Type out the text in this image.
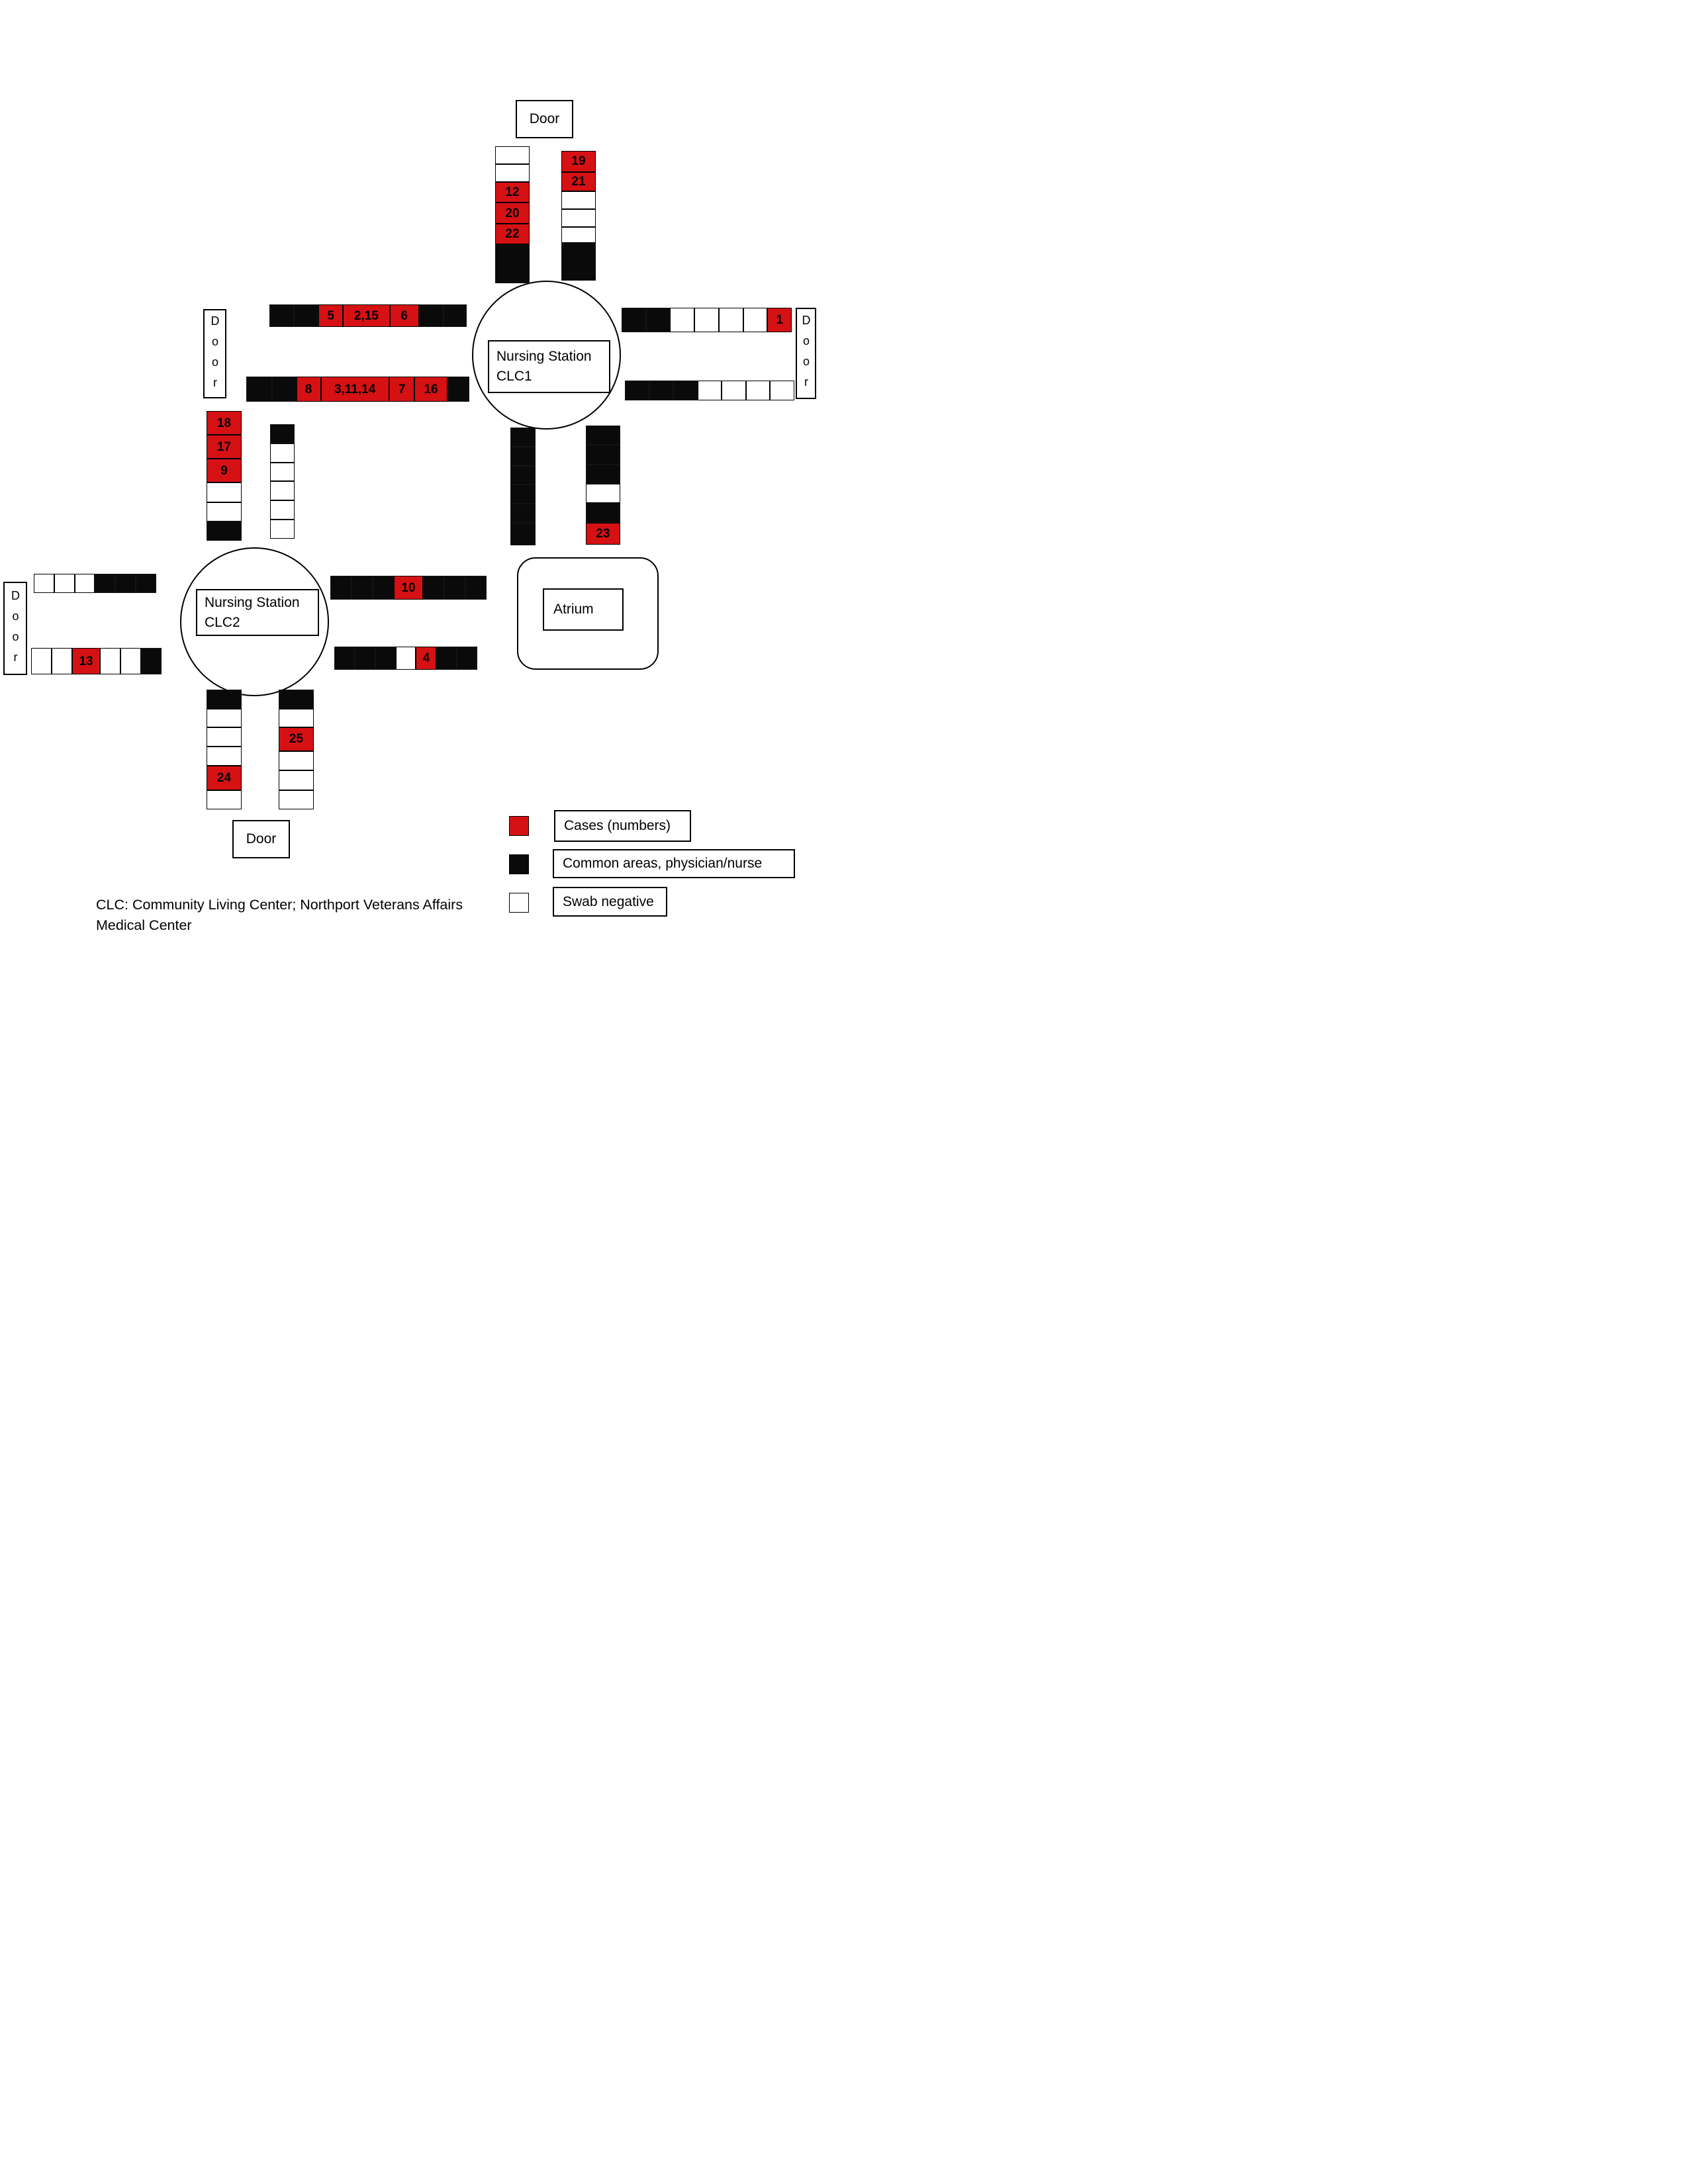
Door
Door	Door
Door
Door
Nursing Station
CLC1
Nursing Station
CLC2
Atrium
12
20
22
19
21
5	2,15	6
8	3,11,14	7	16
1
18
17
9
23
13
10
4
24
25
Cases (numbers)
Common areas, physician/nurse
Swab negative
CLC: Community Living Center; Northport Veterans Affairs
Medical Center
